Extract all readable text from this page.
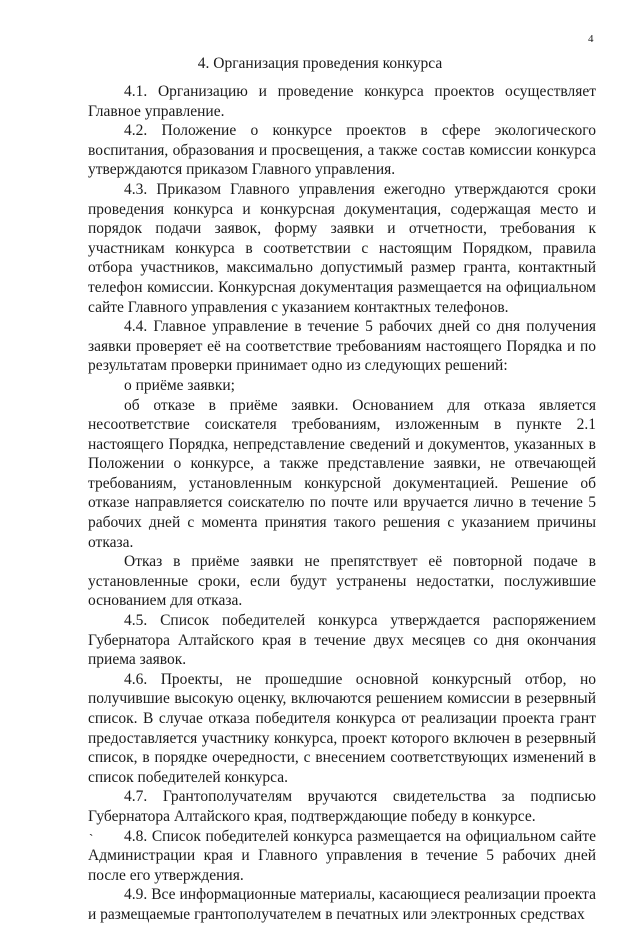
4
4. Организация проведения конкурса

4.1. Организацию и проведение конкурса проектов осуществляет Главное управление.

4.2. Положение о конкурсе проектов в сфере экологического воспитания, образования и просвещения, а также состав комиссии конкурса утверждаются приказом Главного управления.

4.3. Приказом Главного управления ежегодно утверждаются сроки проведения конкурса и конкурсная документация, содержащая место и порядок подачи заявок, форму заявки и отчетности, требования к участникам конкурса в соответствии с настоящим Порядком, правила отбора участников, максимально допустимый размер гранта, контактный телефон комиссии. Конкурсная документация размещается на официальном сайте Главного управления с указанием контактных телефонов.

4.4. Главное управление в течение 5 рабочих дней со дня получения заявки проверяет её на соответствие требованиям настоящего Порядка и по результатам проверки принимает одно из следующих решений:

о приёме заявки;

об отказе в приёме заявки. Основанием для отказа является несоответствие соискателя требованиям, изложенным в пункте 2.1 настоящего Порядка, непредставление сведений и документов, указанных в Положении о конкурсе, а также представление заявки, не отвечающей требованиям, установленным конкурсной документацией. Решение об отказе направляется соискателю по почте или вручается лично в течение 5 рабочих дней с момента принятия такого решения с указанием причины отказа.

Отказ в приёме заявки не препятствует её повторной подаче в установленные сроки, если будут устранены недостатки, послужившие основанием для отказа.

4.5. Список победителей конкурса утверждается распоряжением Губернатора Алтайского края в течение двух месяцев со дня окончания приема заявок.

4.6. Проекты, не прошедшие основной конкурсный отбор, но получившие высокую оценку, включаются решением комиссии в резервный список. В случае отказа победителя конкурса от реализации проекта грант предоставляется участнику конкурса, проект которого включен в резервный список, в порядке очередности, с внесением соответствующих изменений в список победителей конкурса.

4.7. Грантополучателям вручаются свидетельства за подписью Губернатора Алтайского края, подтверждающие победу в конкурсе.

4.8. Список победителей конкурса размещается на официальном сайте Администрации края и Главного управления в течение 5 рабочих дней после его утверждения.

4.9. Все информационные материалы, касающиеся реализации проекта и размещаемые грантополучателем в печатных или электронных средствах

`
